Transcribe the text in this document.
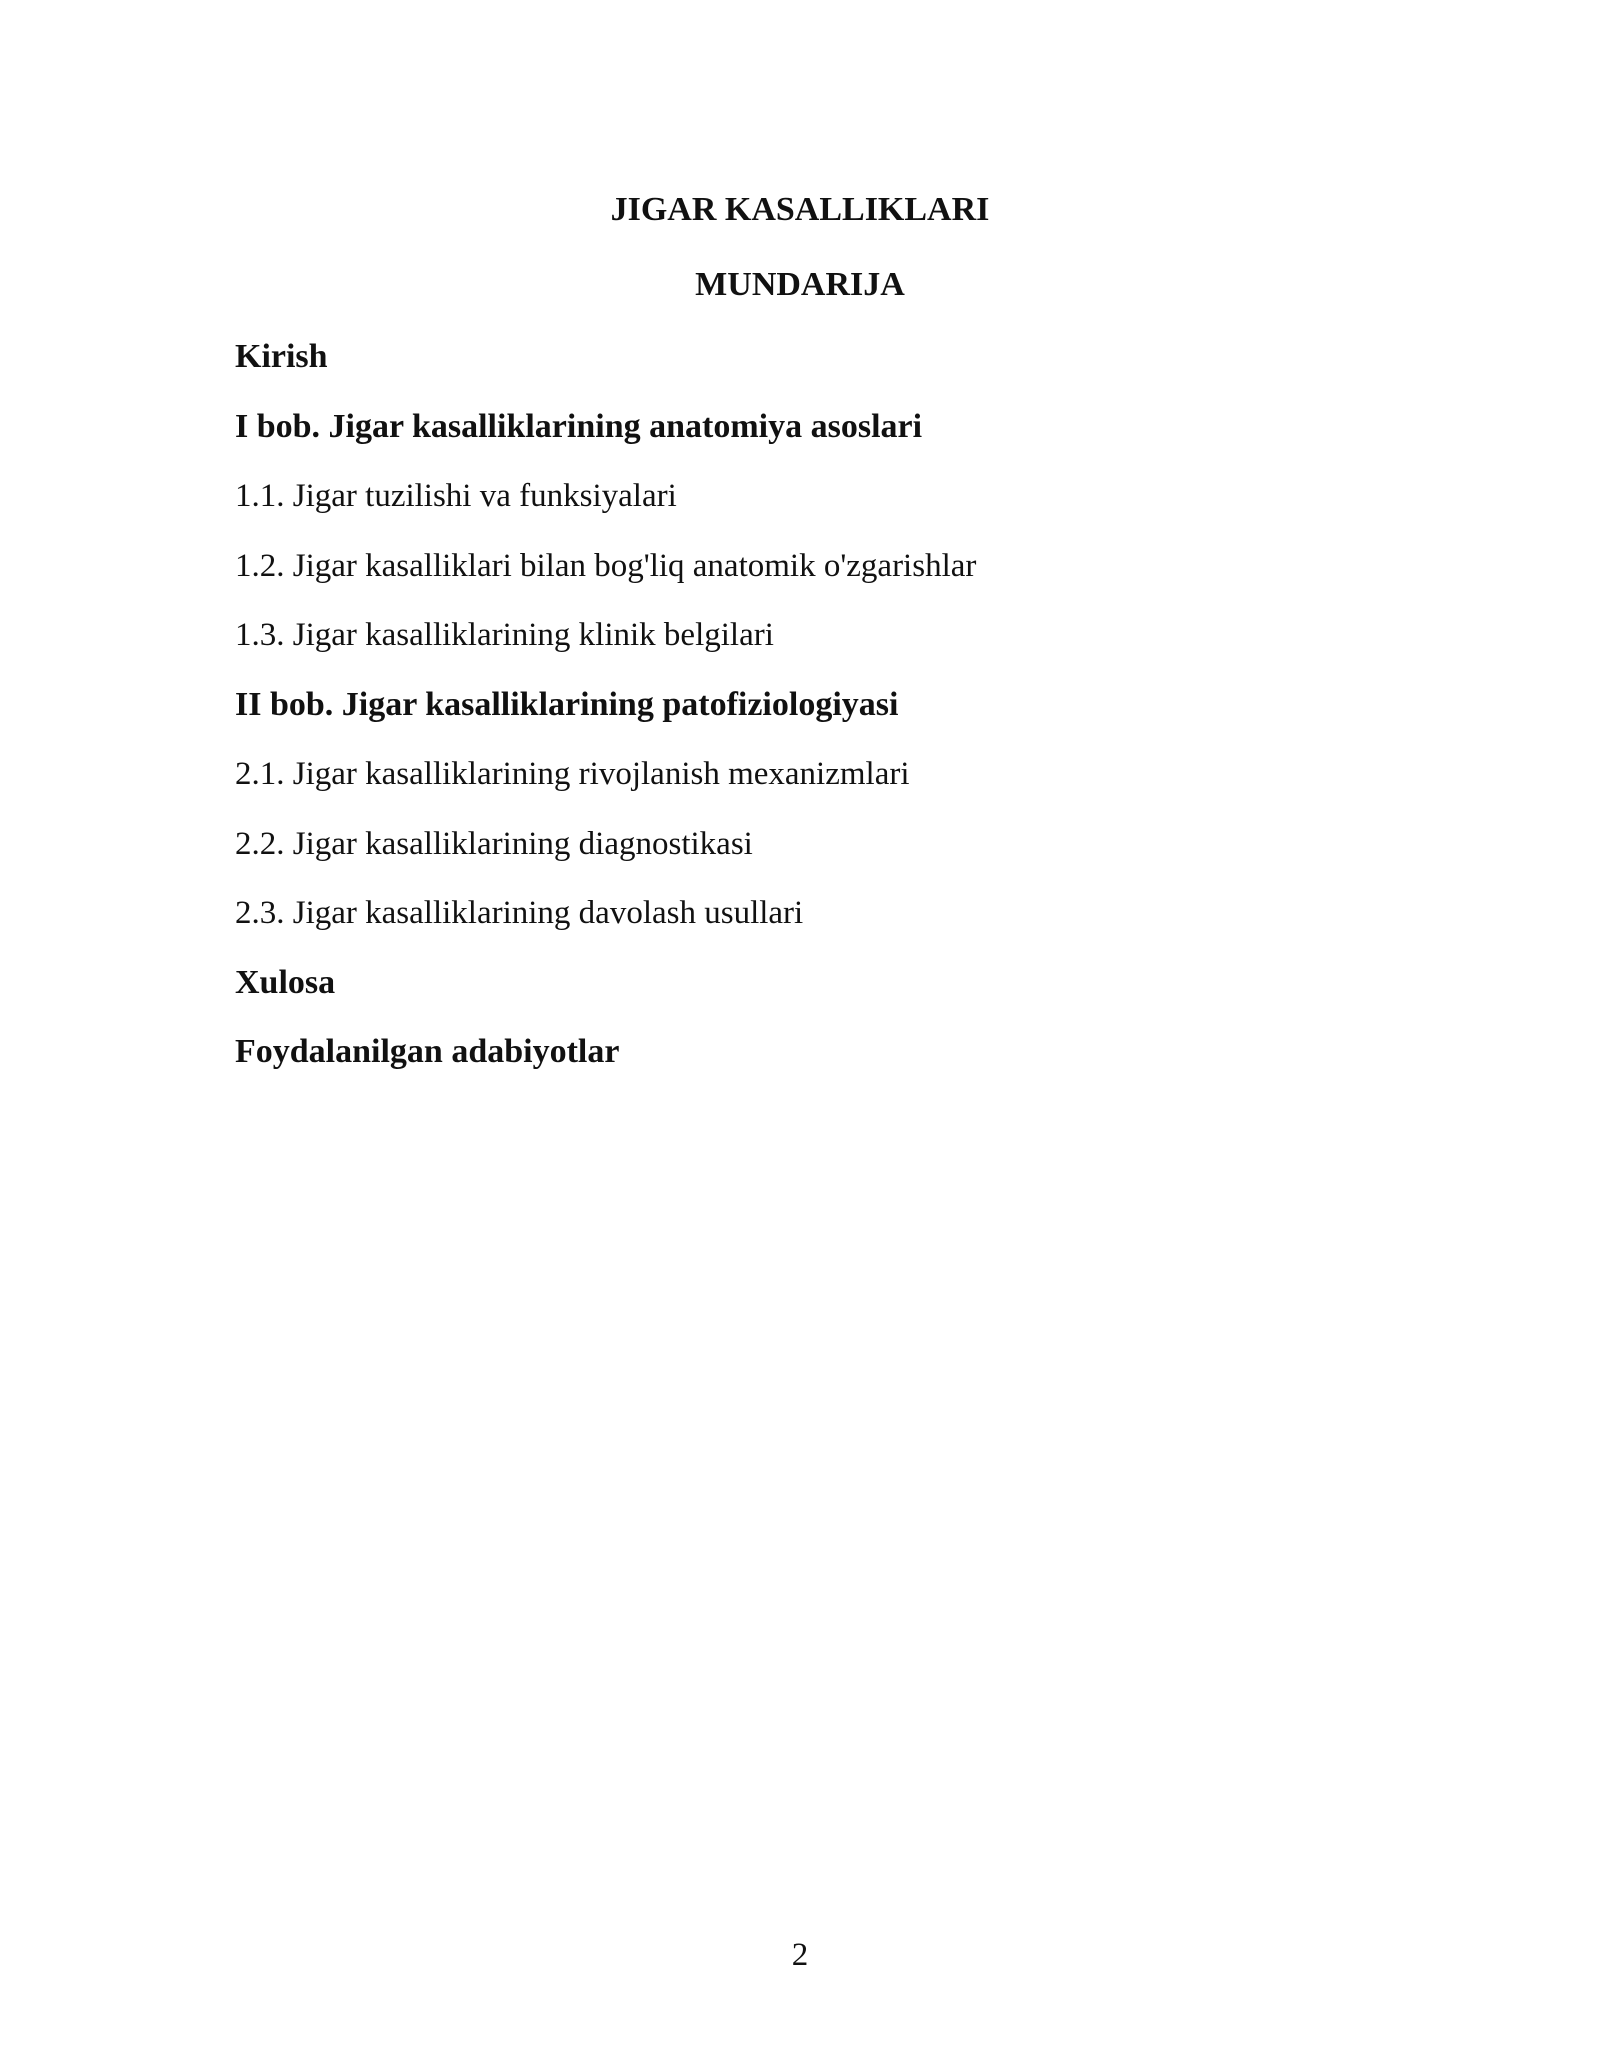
JIGAR KASALLIKLARI
MUNDARIJA
Kirish
I bob. Jigar kasalliklarining anatomiya asoslari
1.1. Jigar tuzilishi va funksiyalari
1.2. Jigar kasalliklari bilan bog'liq anatomik o'zgarishlar
1.3. Jigar kasalliklarining klinik belgilari
II bob. Jigar kasalliklarining patofiziologiyasi
2.1. Jigar kasalliklarining rivojlanish mexanizmlari
2.2. Jigar kasalliklarining diagnostikasi
2.3. Jigar kasalliklarining davolash usullari
Xulosa
Foydalanilgan adabiyotlar
2
